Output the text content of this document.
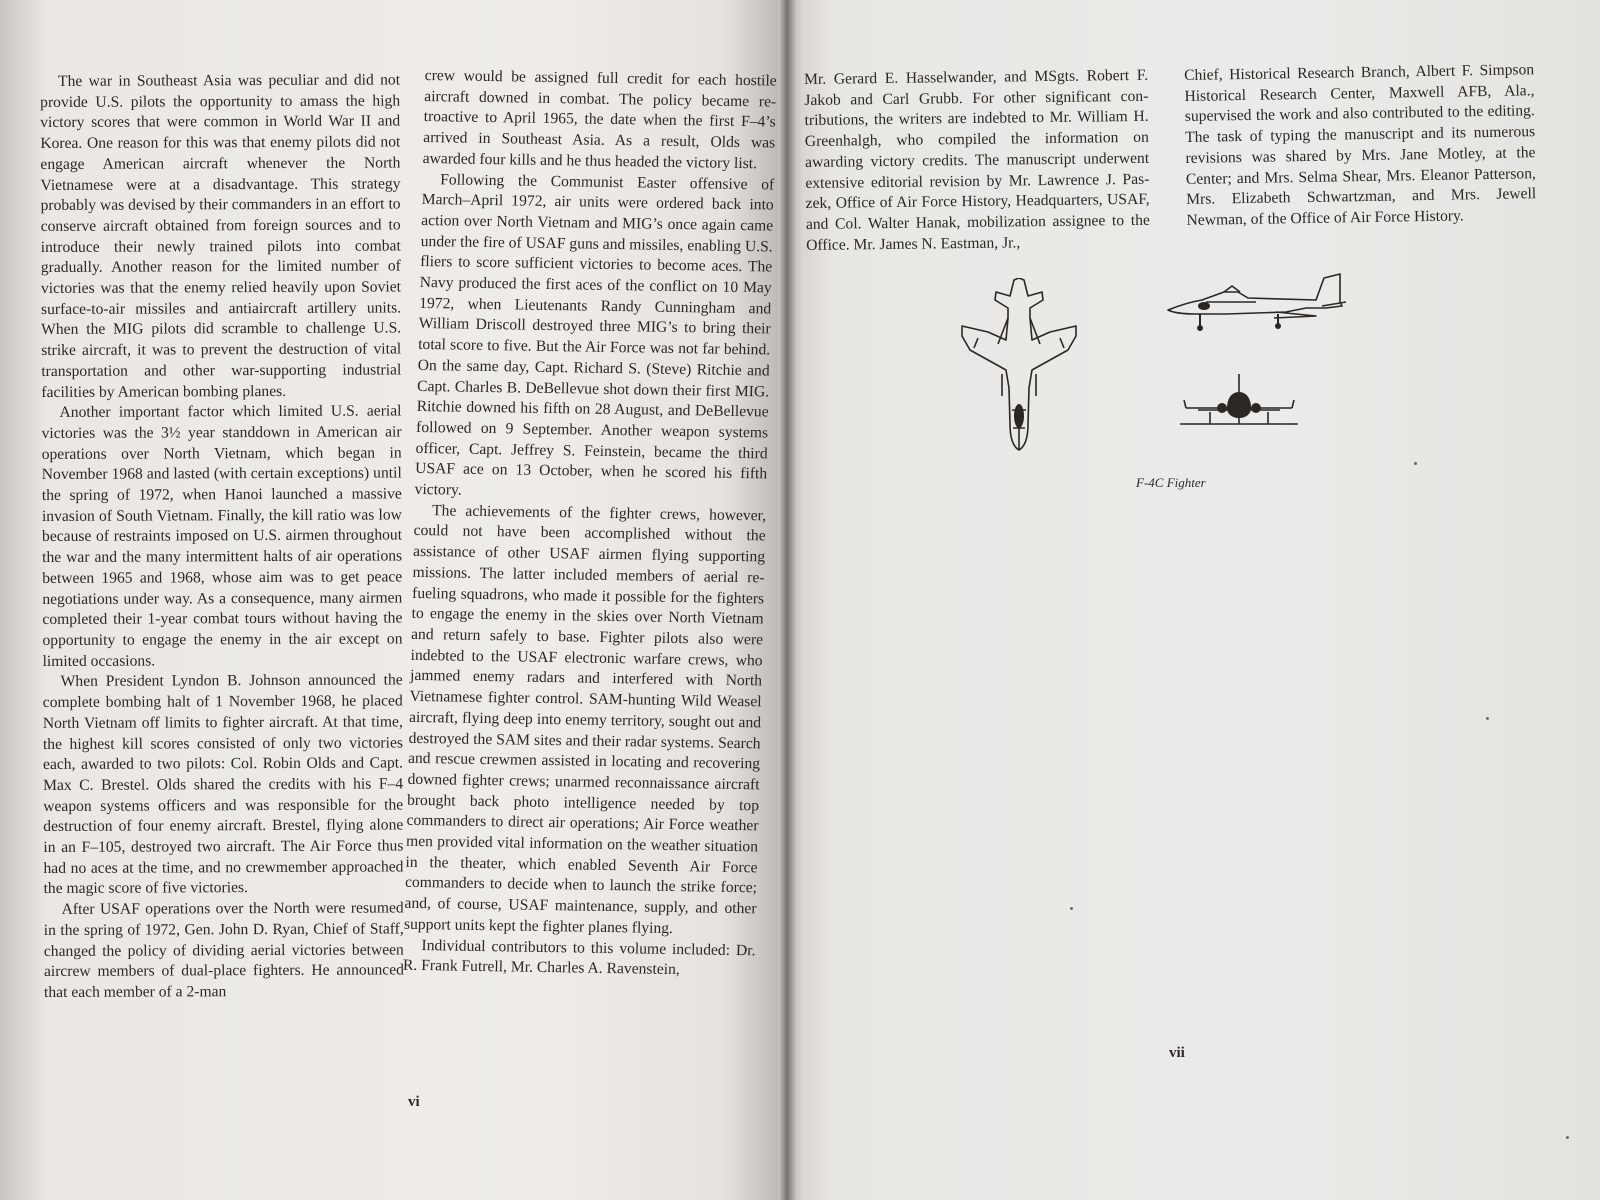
The war in Southeast Asia was peculiar and did not provide U.S. pilots the opportunity to amass the high victory scores that were common in World War II and Korea. One reason for this was that enemy pilots did not engage American aircraft whenever the North Vietnamese were at a disadvantage. This strategy probably was devised by their commanders in an effort to conserve aircraft obtained from foreign sources and to introduce their newly trained pilots into combat gradually. Another reason for the limited number of victories was that the enemy relied heavily upon Soviet surface-to-air missiles and antiaircraft artillery units. When the MIG pilots did scramble to challenge U.S. strike aircraft, it was to prevent the destruction of vital transportation and other war-supporting industrial facilities by American bombing planes.

Another important factor which limited U.S. aerial victories was the 3½ year standdown in American air operations over North Vietnam, which began in November 1968 and lasted (with certain exceptions) until the spring of 1972, when Hanoi launched a massive invasion of South Vietnam. Finally, the kill ratio was low because of restraints imposed on U.S. airmen throughout the war and the many intermittent halts of air operations between 1965 and 1968, whose aim was to get peace negotiations under way. As a consequence, many airmen completed their 1-year combat tours without having the opportunity to engage the enemy in the air except on limited occasions.

When President Lyndon B. Johnson announced the complete bombing halt of 1 November 1968, he placed North Vietnam off limits to fighter aircraft. At that time, the highest kill scores consisted of only two victories each, awarded to two pilots: Col. Robin Olds and Capt. Max C. Brestel. Olds shared the credits with his F–4 weapon systems officers and was responsible for the destruction of four enemy aircraft. Brestel, flying alone in an F–105, destroyed two aircraft. The Air Force thus had no aces at the time, and no crewmember approached the magic score of five victories.

After USAF operations over the North were resumed in the spring of 1972, Gen. John D. Ryan, Chief of Staff, changed the policy of dividing aerial victories between aircrew members of dual-place fighters. He announced that each member of a 2-man

crew would be assigned full credit for each hostile aircraft downed in combat. The policy became retroactive to April 1965, the date when the first F–4’s arrived in Southeast Asia. As a result, Olds was awarded four kills and he thus headed the victory list.

Following the Communist Easter offensive of March–April 1972, air units were ordered back into action over North Vietnam and MIG’s once again came under the fire of USAF guns and missiles, enabling U.S. fliers to score sufficient victories to become aces. The Navy produced the first aces of the conflict on 10 May 1972, when Lieutenants Randy Cunningham and William Driscoll destroyed three MIG’s to bring their total score to five. But the Air Force was not far behind. On the same day, Capt. Richard S. (Steve) Ritchie and Capt. Charles B. DeBellevue shot down their first MIG. Ritchie downed his fifth on 28 August, and DeBellevue followed on 9 September. Another weapon systems officer, Capt. Jeffrey S. Feinstein, became the third USAF ace on 13 October, when he scored his fifth victory.

The achievements of the fighter crews, however, could not have been accomplished without the assistance of other USAF airmen flying supporting missions. The latter included members of aerial refueling squadrons, who made it possible for the fighters to engage the enemy in the skies over North Vietnam and return safely to base. Fighter pilots also were indebted to the USAF electronic warfare crews, who jammed enemy radars and interfered with North Vietnamese fighter control. SAM-hunting Wild Weasel aircraft, flying deep into enemy territory, sought out and destroyed the SAM sites and their radar systems. Search and rescue crewmen assisted in locating and recovering downed fighter crews; unarmed reconnaissance aircraft brought back photo intelligence needed by top commanders to direct air operations; Air Force weather men provided vital information on the weather situation in the theater, which enabled Seventh Air Force commanders to decide when to launch the strike force; and, of course, USAF maintenance, supply, and other support units kept the fighter planes flying.

Individual contributors to this volume included: Dr. R. Frank Futrell, Mr. Charles A. Ravenstein,

vi

Mr. Gerard E. Hasselwander, and MSgts. Robert F. Jakob and Carl Grubb. For other significant contributions, the writers are indebted to Mr. William H. Greenhalgh, who compiled the information on awarding victory credits. The manuscript underwent extensive editorial revision by Mr. Lawrence J. Paszek, Office of Air Force History, Headquarters, USAF, and Col. Walter Hanak, mobilization assignee to the Office. Mr. James N. Eastman, Jr.,

Chief, Historical Research Branch, Albert F. Simpson Historical Research Center, Maxwell AFB, Ala., supervised the work and also contributed to the editing. The task of typing the manuscript and its numerous revisions was shared by Mrs. Jane Motley, at the Center; and Mrs. Selma Shear, Mrs. Eleanor Patterson, Mrs. Elizabeth Schwartzman, and Mrs. Jewell Newman, of the Office of Air Force History.

F-4C Fighter
vii
